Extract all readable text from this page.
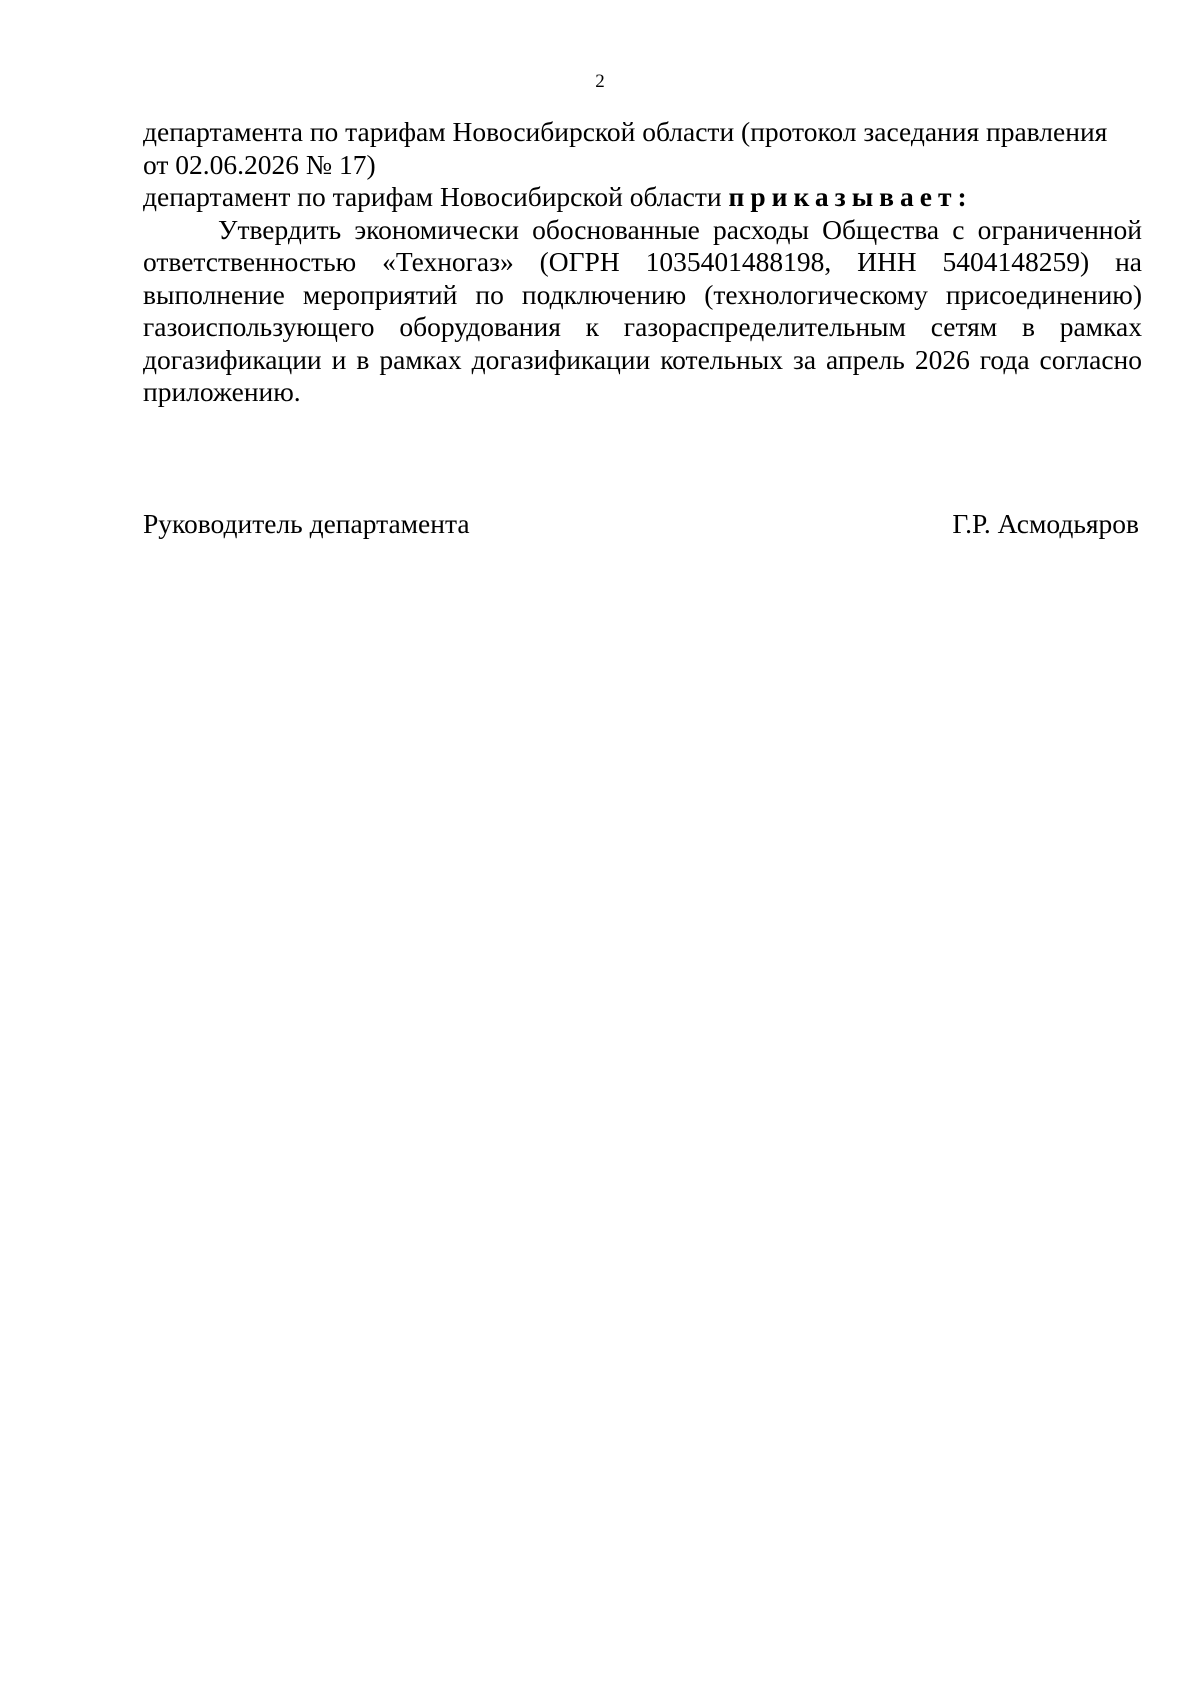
2

департамента по тарифам Новосибирской области (протокол заседания правления

от 02.06.2026 № 17)

департамент по тарифам Новосибирской области приказывает:

Утвердить экономически обоснованные расходы Общества с ограниченной ответственностью «Техногаз» (ОГРН 1035401488198, ИНН 5404148259) на выполнение мероприятий по подключению (технологическому присоединению) газоиспользующего оборудования к газораспределительным сетям в рамках догазификации и в рамках догазификации котельных за апрель 2026 года согласно приложению.

Руководитель департамента	Г.Р. Асмодьяров
